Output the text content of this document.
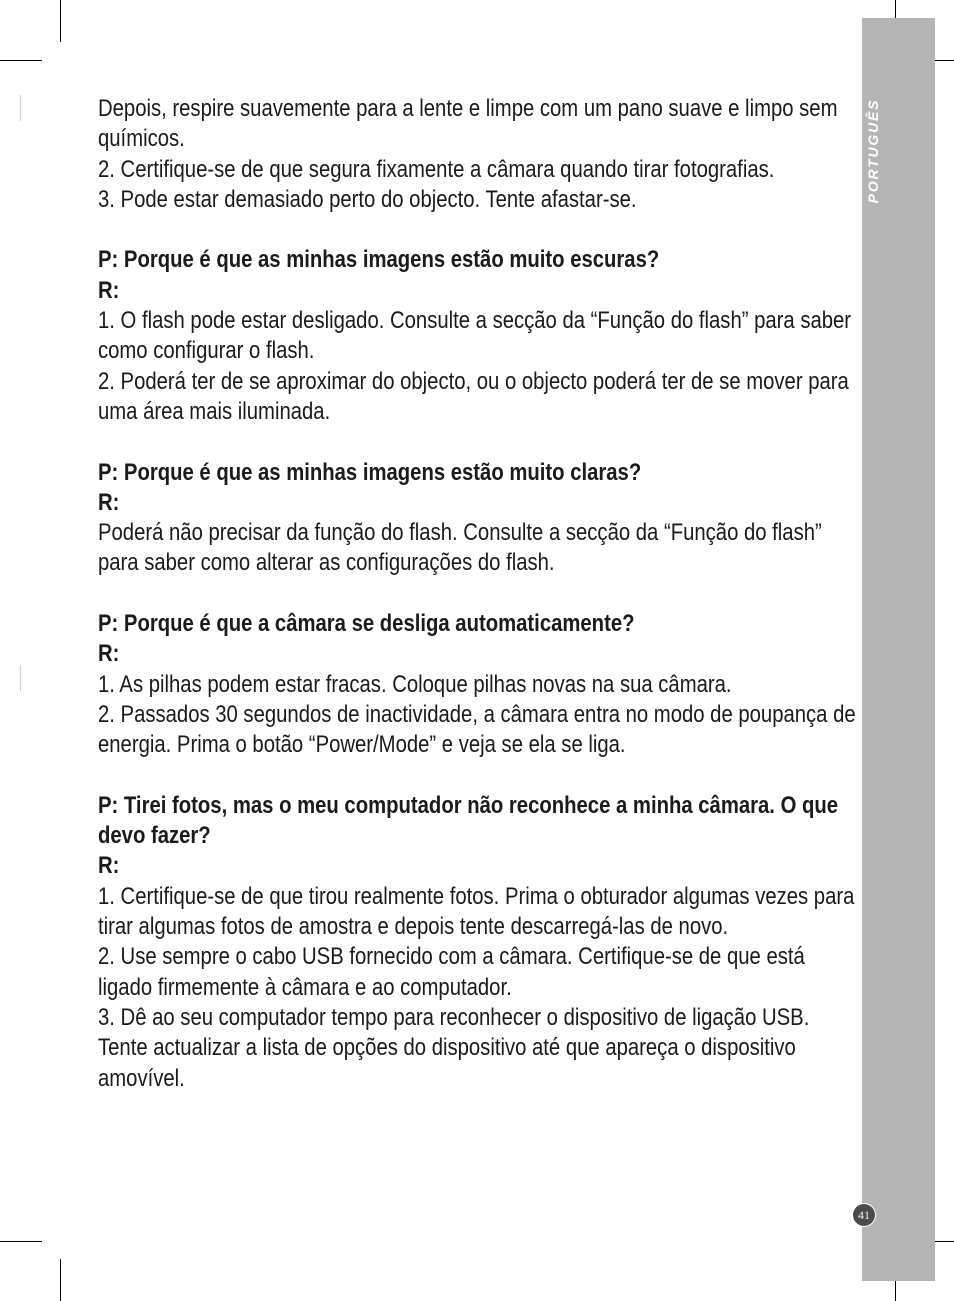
PORTUGUÊS
41
Depois, respire suavemente para a lente e limpe com um pano suave e limpo sem
químicos.
2. Certifique-se de que segura fixamente a câmara quando tirar fotografias.
3. Pode estar demasiado perto do objecto. Tente afastar-se.
P: Porque é que as minhas imagens estão muito escuras?
R:
1. O flash pode estar desligado. Consulte a secção da “Função do flash” para saber
como configurar o flash.
2. Poderá ter de se aproximar do objecto, ou o objecto poderá ter de se mover para
uma área mais iluminada.
P: Porque é que as minhas imagens estão muito claras?
R:
Poderá não precisar da função do flash. Consulte a secção da “Função do flash”
para saber como alterar as configurações do flash.
P: Porque é que a câmara se desliga automaticamente?
R:
1. As pilhas podem estar fracas. Coloque pilhas novas na sua câmara.
2. Passados 30 segundos de inactividade, a câmara entra no modo de poupança de
energia. Prima o botão “Power/Mode” e veja se ela se liga.
P: Tirei fotos, mas o meu computador não reconhece a minha câmara. O que
devo fazer?
R:
1. Certifique-se de que tirou realmente fotos. Prima o obturador algumas vezes para
tirar algumas fotos de amostra e depois tente descarregá-las de novo.
2. Use sempre o cabo USB fornecido com a câmara. Certifique-se de que está
ligado firmemente à câmara e ao computador.
3. Dê ao seu computador tempo para reconhecer o dispositivo de ligação USB.
Tente actualizar a lista de opções do dispositivo até que apareça o dispositivo
amovível.
